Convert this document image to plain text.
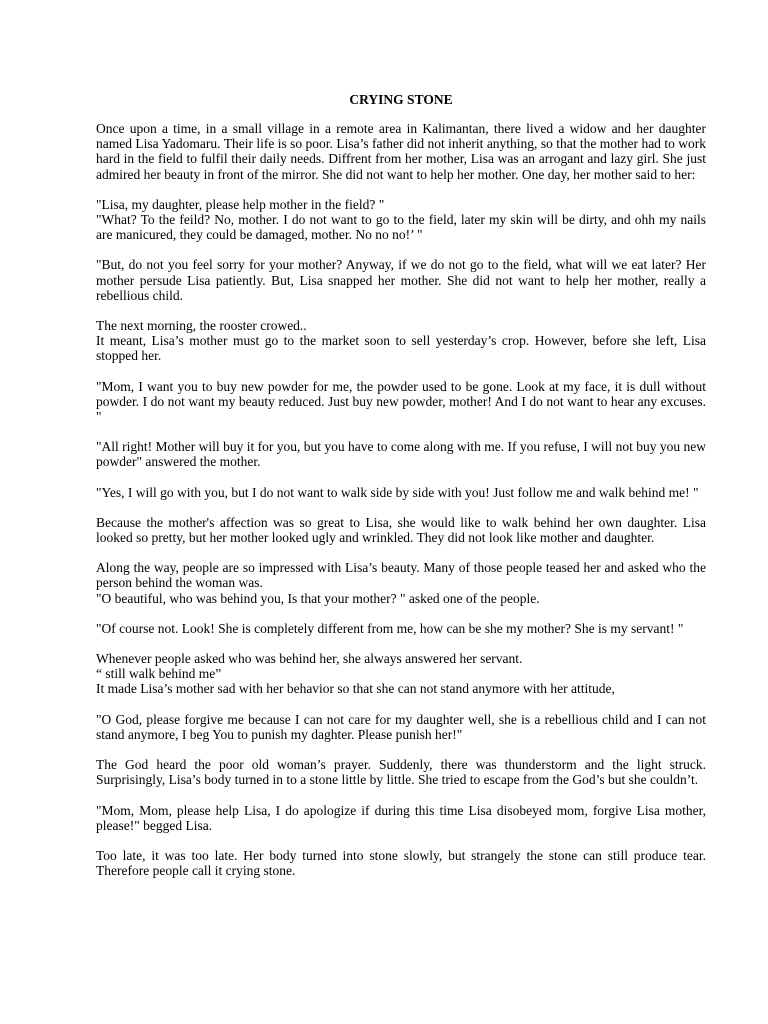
CRYING STONE
Once upon a time, in a small village in a remote area in Kalimantan, there lived a widow and her daughter named Lisa Yadomaru. Their life is so poor. Lisa’s father did not inherit anything, so that the mother had to work hard in the field to fulfil their daily needs. Diffrent from her mother, Lisa was an arrogant and lazy girl. She just admired her beauty in front of the mirror. She did not want to help her mother. One day, her mother said to her:
"Lisa, my daughter, please help mother in the field? "
"What? To the feild? No, mother. I do not want to go to the field, later my skin will be dirty, and ohh my nails are manicured, they could be damaged, mother. No no no!’ "
"But, do not you feel sorry for your mother? Anyway, if we do not go to the field, what will we eat later? Her mother persude Lisa patiently. But, Lisa snapped her mother. She did not want to help her mother, really a rebellious child.
The next morning, the rooster crowed..
It meant, Lisa’s mother must go to the market soon to sell yesterday’s crop. However, before she left, Lisa stopped her.
"Mom, I want you to buy new powder for me, the powder used to be gone. Look at my face, it is dull without powder. I do not want my beauty reduced. Just buy new powder, mother! And I do not want to hear any excuses. "
"All right! Mother will buy it for you, but you have to come along with me. If you refuse, I will not buy you new powder" answered the mother.
"Yes, I will go with you, but I do not want to walk side by side with you! Just follow me and walk behind me! "
Because the mother's affection was so great to Lisa, she would like to walk behind her own daughter. Lisa looked so pretty, but her mother looked ugly and wrinkled. They did not look like mother and daughter.
Along the way, people are so impressed with Lisa’s beauty. Many of those people teased her and asked who the person behind the woman was.
"O beautiful, who was behind you, Is that your mother? " asked one of the people.
"Of course not. Look! She is completely different from me, how can be she my mother? She is my servant! "
Whenever people asked who was behind her, she always answered her servant.
“ still walk behind me”
It made Lisa’s mother sad with her behavior so that she can not stand anymore with her attitude,
"O God, please forgive me because I can not care for my daughter well, she is a rebellious child and I can not stand anymore, I beg You to punish my daghter. Please punish her!"
The God heard the poor old woman’s prayer. Suddenly, there was thunderstorm and the light struck. Surprisingly, Lisa’s body turned in to a stone little by little. She tried to escape from the God’s but she couldn’t.
"Mom, Mom, please help Lisa, I do apologize if during this time Lisa disobeyed mom, forgive Lisa mother, please!" begged Lisa.
Too late, it was too late. Her body turned into stone slowly, but strangely the stone can still produce tear. Therefore people call it crying stone.
